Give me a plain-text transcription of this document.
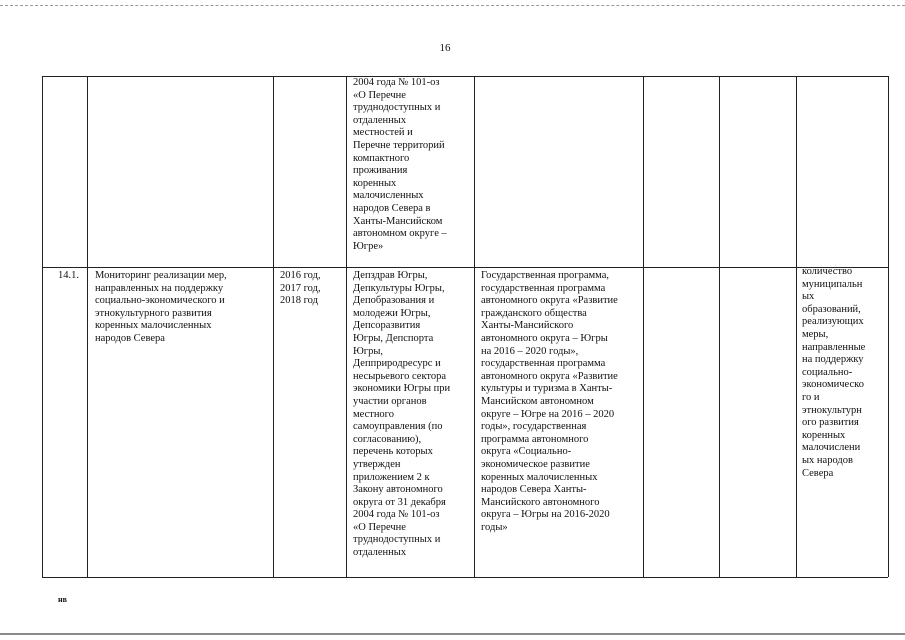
16
2004 года № 101-оз
«О Перечне
труднодоступных и
отдаленных
местностей и
Перечне территорий
компактного
проживания
коренных
малочисленных
народов Севера в
Ханты-Мансийском
автономном округе –
Югре»
14.1.	Мониторинг реализации мер,
направленных на поддержку
социально-экономического и
этнокультурного развития
коренных малочисленных
народов Севера
2016 год,
2017 год,
2018 год
Депздрав Югры,
Депкультуры Югры,
Депобразования и
молодежи Югры,
Депсоразвития
Югры, Депспорта
Югры,
Депприродресурс и
несырьевого сектора
экономики Югры при
участии органов
местного
самоуправления (по
согласованию),
перечень которых
утвержден
приложением 2 к
Закону автономного
округа от 31 декабря
2004 года № 101-оз
«О Перечне
труднодоступных и
отдаленных
Государственная программа,
государственная программа
автономного округа «Развитие
гражданского общества
Ханты-Мансийского
автономного округа – Югры
на 2016 – 2020 годы»,
государственная программа
автономного округа «Развитие
культуры и туризма в Ханты-
Мансийском автономном
округе – Югре на 2016 – 2020
годы», государственная
программа автономного
округа «Социально-
экономическое развитие
коренных малочисленных
народов Севера Ханты-
Мансийского автономного
округа – Югры на 2016-2020
годы»
количество
муниципальн
ых
образований,
реализующих
меры,
направленные
на поддержку
социально-
экономическо
го и
этнокультурн
ого развития
коренных
малочислени
ых народов
Севера
нв
